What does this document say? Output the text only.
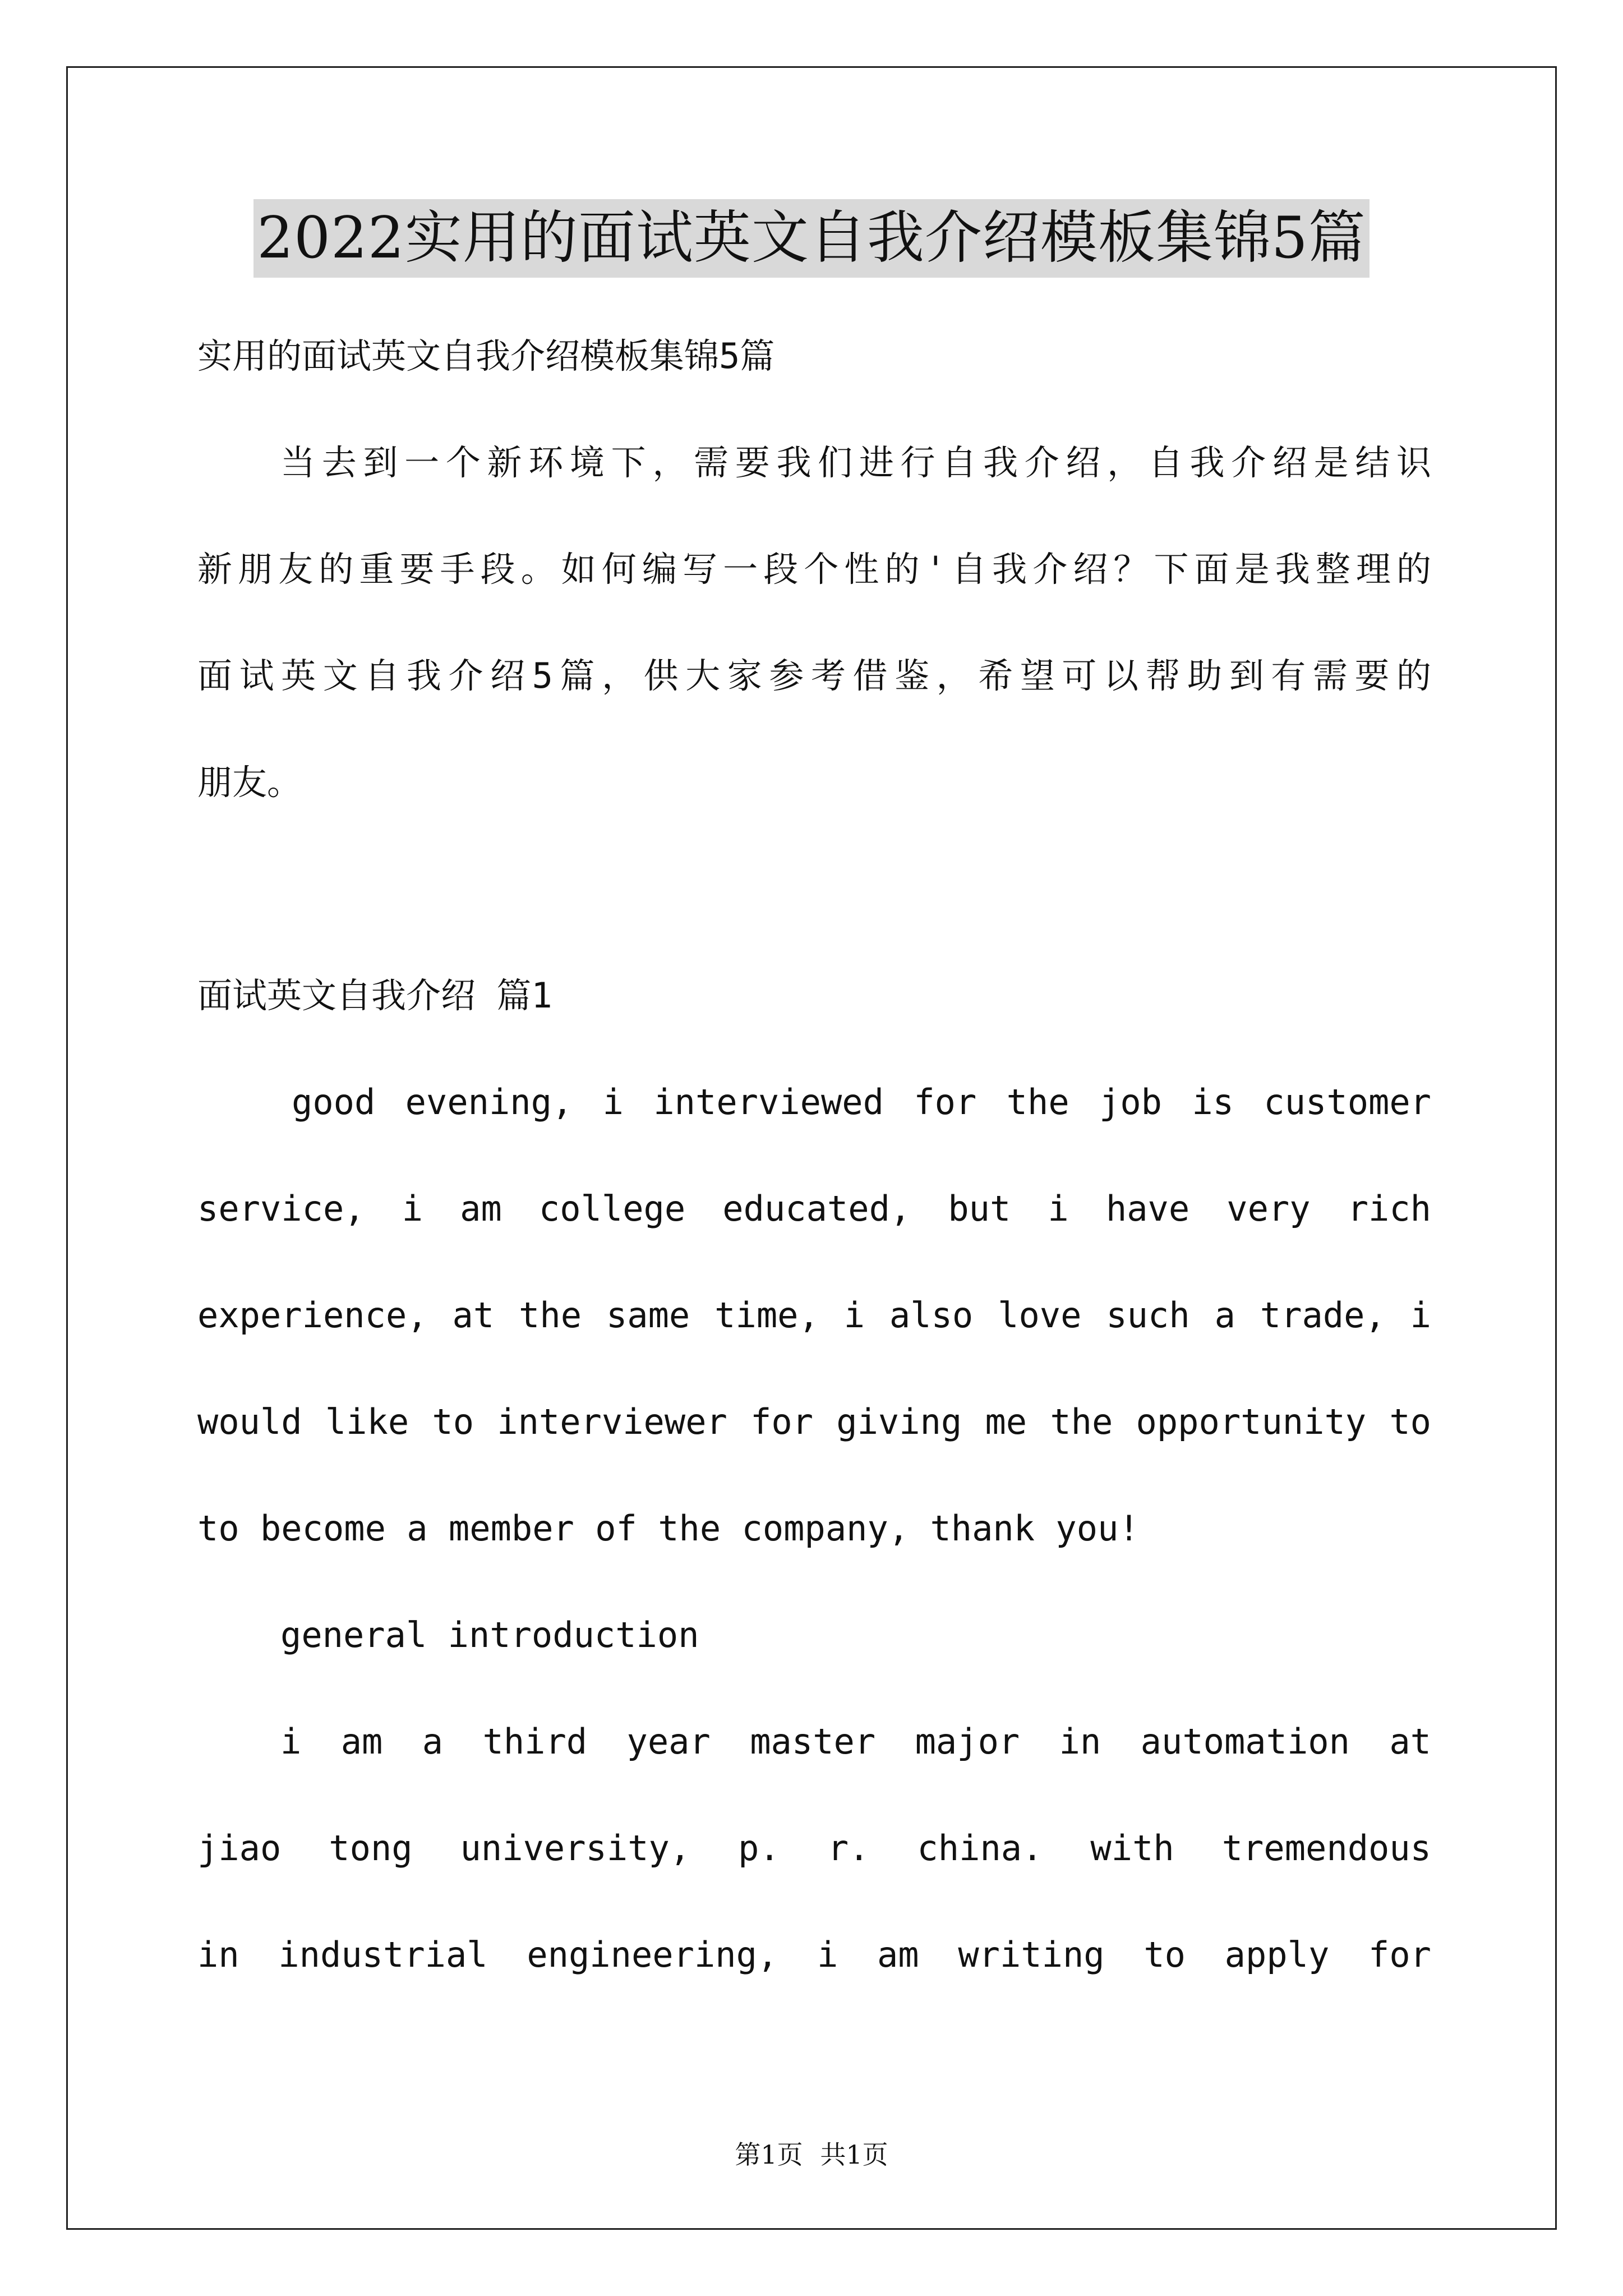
2022实用的面试英文自我介绍模板集锦5篇
实用的面试英文自我介绍模板集锦5篇
当去到一个新环境下，需要我们进行自我介绍，自我介绍是结识
新朋友的重要手段。如何编写一段个性的'自我介绍？下面是我整理的
面试英文自我介绍5篇，供大家参考借鉴，希望可以帮助到有需要的
朋友。
面试英文自我介绍 篇1
good evening, i interviewed for the job is customer
service, i am college educated, but i have very rich
experience, at the same time, i also love such a trade, i
would like to interviewer for giving me the opportunity to
to become a member of the company, thank you!
general introduction
i am a third year master major in automation at
jiao tong university, p. r. china. with tremendous
in industrial engineering, i am writing to apply for
第1页 共1页
